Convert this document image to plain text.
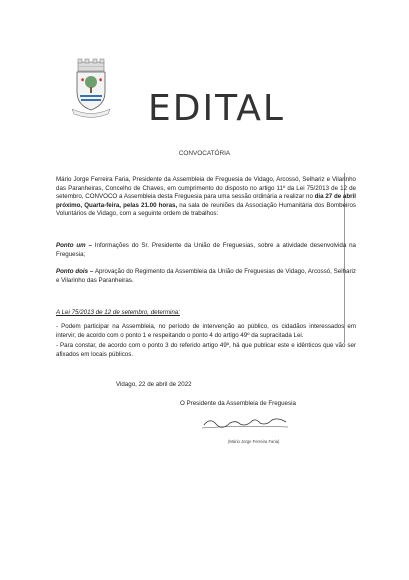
EDITAL
CONVOCATÓRIA

Mário Jorge Ferreira Faria, Presidente da Assembleia de Freguesia de Vidago, Arcossó, Selhariz e Vilarinho das Paranheiras, Concelho de Chaves, em cumprimento do disposto no artigo 11º da Lei 75/2013 de 12 de setembro, CONVOCO a Assembleia desta Freguesia para uma sessão ordinária a realizar no dia 27 de abril próximo, Quarta-feira, pelas 21.00 horas, na sala de reuniões da Associação Humanitária dos Bombeiros Voluntários de Vidago, com a seguinte ordem de trabalhos:

Ponto um – Informações do Sr. Presidente da União de Freguesias, sobre a atividade desenvolvida na Freguesia;

Ponto dois – Aprovação do Regimento da Assembleia da União de Freguesias de Vidago, Arcossó, Selhariz e Vilarinho das Paranheiras.

A Lei 75/2013 de 12 de setembro, determina:

- Podem participar na Assembleia, no período de intervenção ao público, os cidadãos interessados em intervir, de acordo com o ponto 1 e respeitando o ponto 4 do artigo 49º da supracitada Lei.

- Para constar, de acordo com o ponto 3 do referido artigo 49º, há que publicar este e idênticos que vão ser afixados em locais públicos.

Vidago, 22 de abril de 2022
O Presidente da Assembleia de Freguesia
(Mário Jorge Ferreira Faria)
